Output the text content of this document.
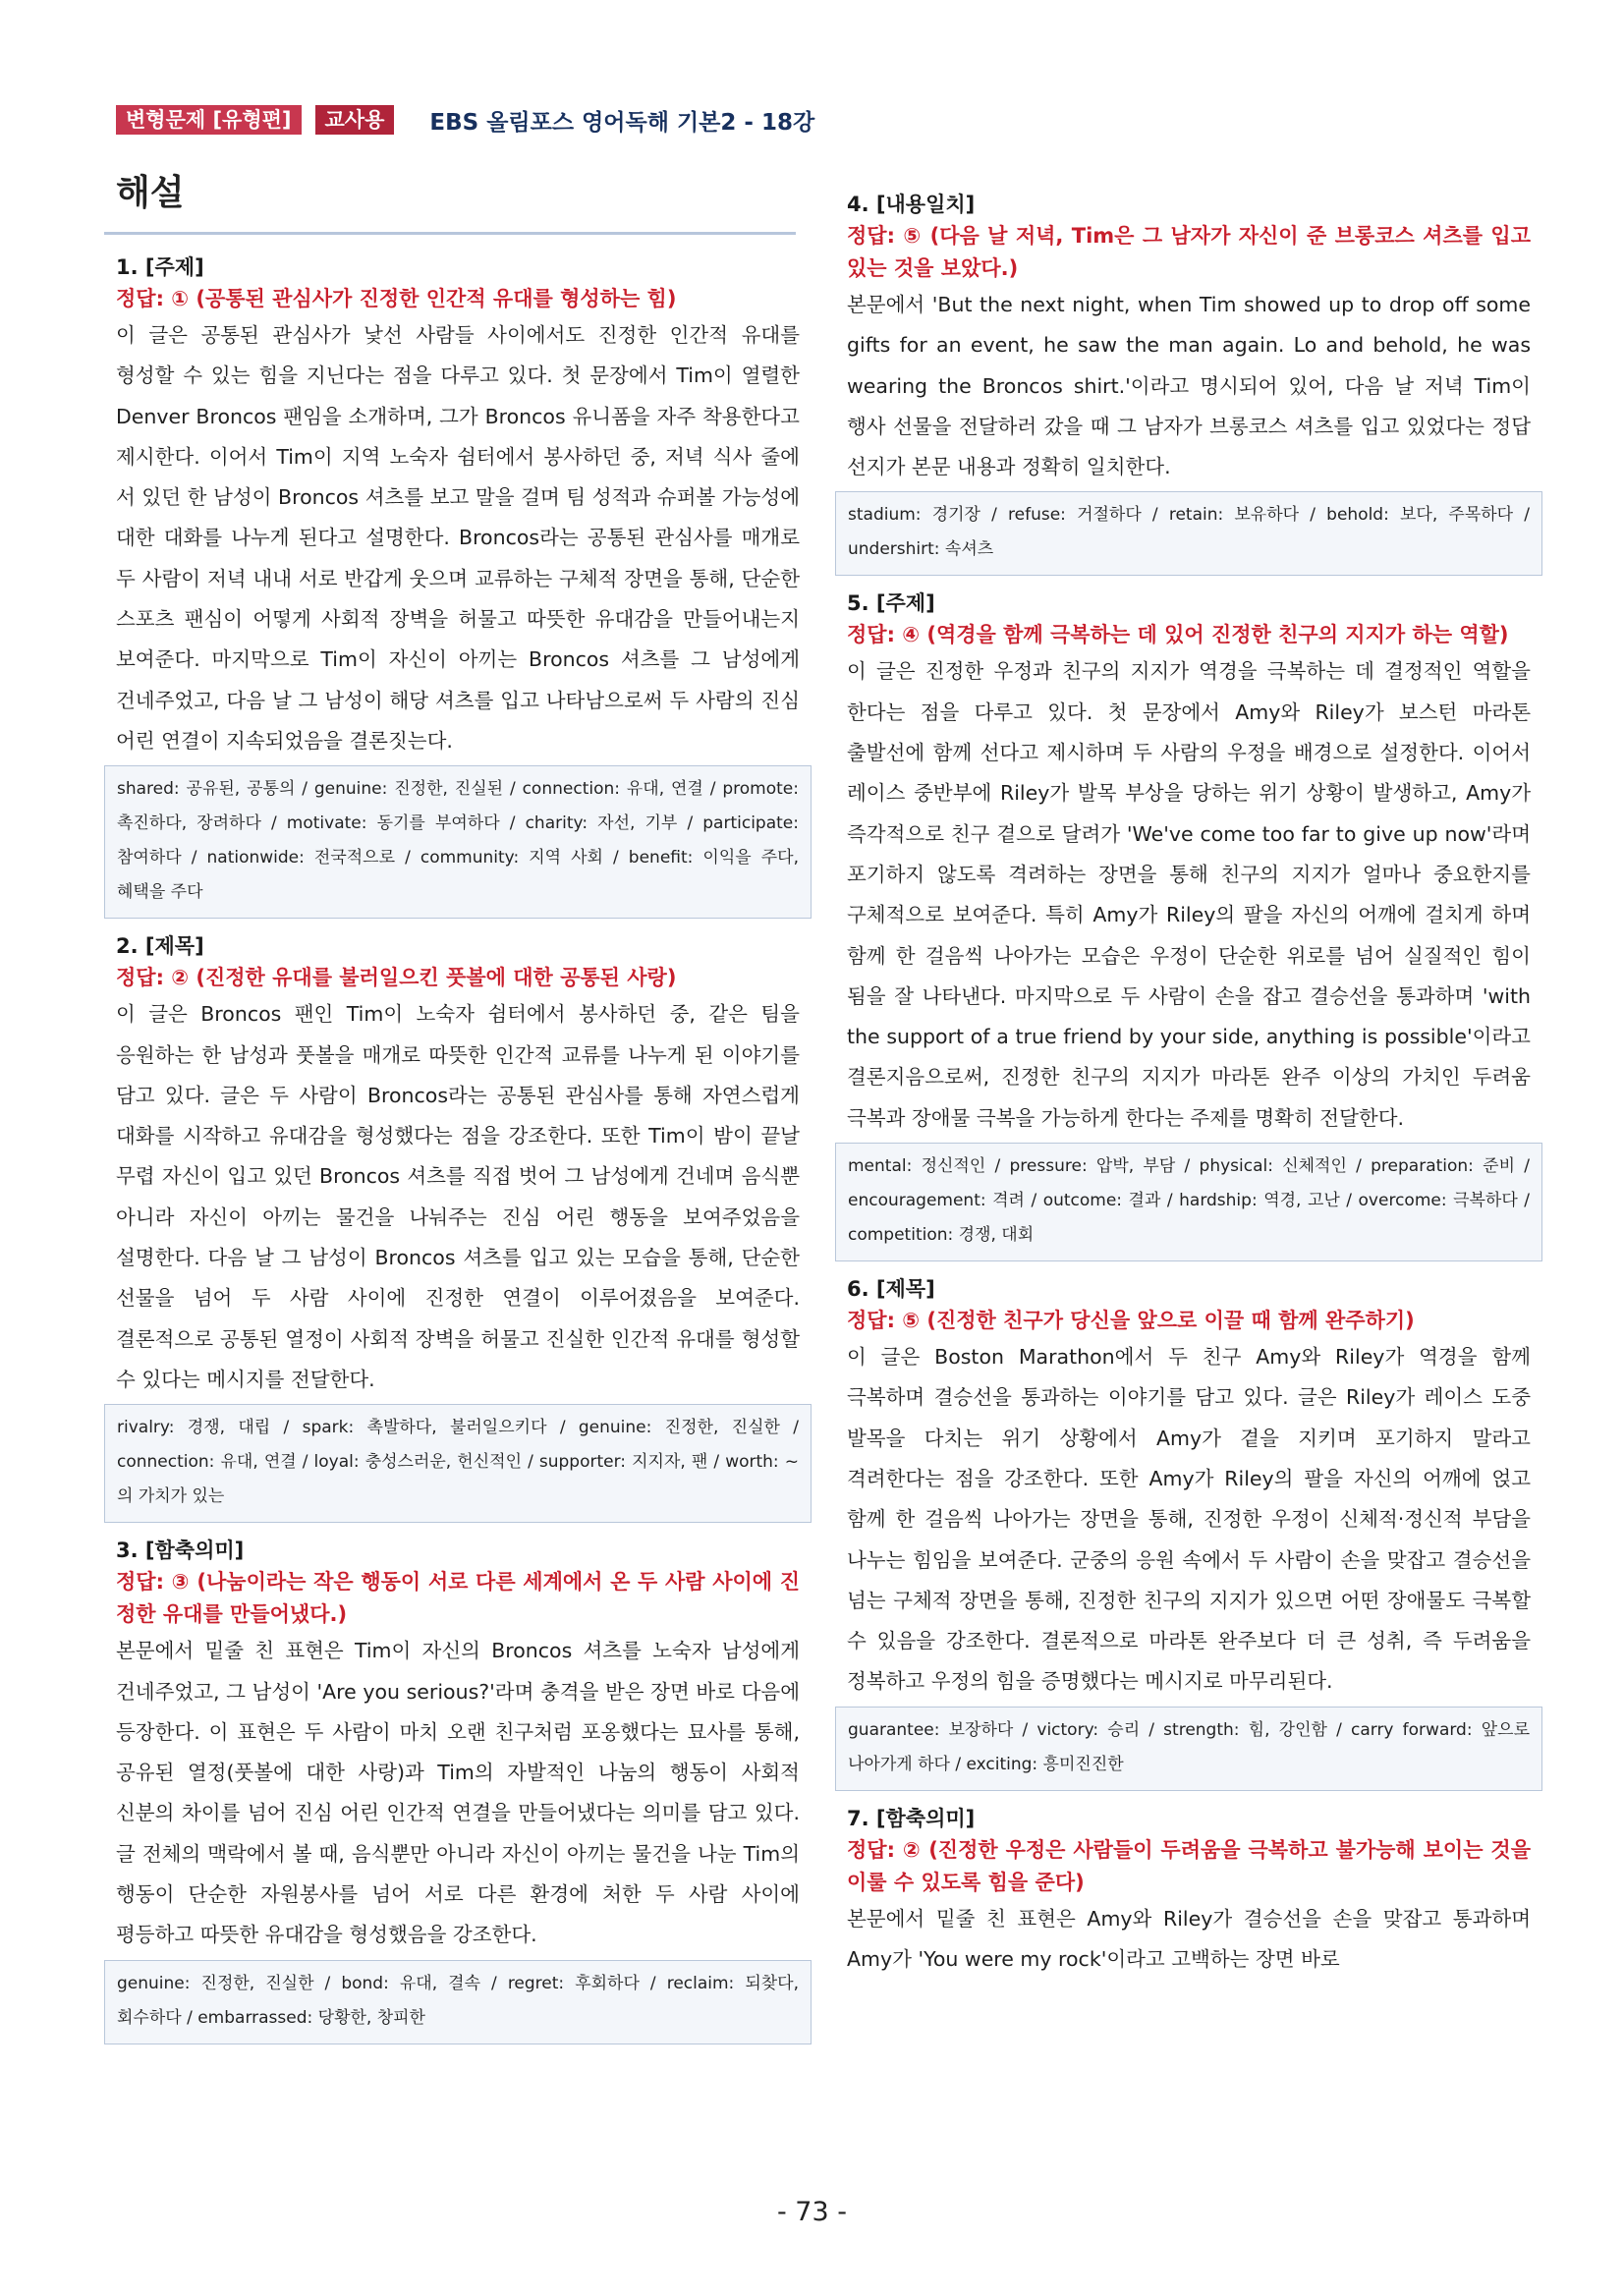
변형문제 [유형편]	교사용	EBS 올림포스 영어독해 기본2 - 18강
해설
1. [주제]
정답: ① (공통된 관심사가 진정한 인간적 유대를 형성하는 힘)
이 글은 공통된 관심사가 낯선 사람들 사이에서도 진정한 인간적 유대를 형성할 수 있는 힘을 지닌다는 점을 다루고 있다. 첫 문장에서 Tim이 열렬한 Denver Broncos 팬임을 소개하며, 그가 Broncos 유니폼을 자주 착용한다고 제시한다. 이어서 Tim이 지역 노숙자 쉼터에서 봉사하던 중, 저녁 식사 줄에 서 있던 한 남성이 Broncos 셔츠를 보고 말을 걸며 팀 성적과 슈퍼볼 가능성에 대한 대화를 나누게 된다고 설명한다. Broncos라는 공통된 관심사를 매개로 두 사람이 저녁 내내 서로 반갑게 웃으며 교류하는 구체적 장면을 통해, 단순한 스포츠 팬심이 어떻게 사회적 장벽을 허물고 따뜻한 유대감을 만들어내는지 보여준다. 마지막으로 Tim이 자신이 아끼는 Broncos 셔츠를 그 남성에게 건네주었고, 다음 날 그 남성이 해당 셔츠를 입고 나타남으로써 두 사람의 진심 어린 연결이 지속되었음을 결론짓는다.
shared: 공유된, 공통의 / genuine: 진정한, 진실된 / connection: 유대, 연결 / promote: 촉진하다, 장려하다 / motivate: 동기를 부여하다 / charity: 자선, 기부 / participate: 참여하다 / nationwide: 전국적으로 / community: 지역 사회 / benefit: 이익을 주다, 혜택을 주다
2. [제목]
정답: ② (진정한 유대를 불러일으킨 풋볼에 대한 공통된 사랑)
이 글은 Broncos 팬인 Tim이 노숙자 쉼터에서 봉사하던 중, 같은 팀을 응원하는 한 남성과 풋볼을 매개로 따뜻한 인간적 교류를 나누게 된 이야기를 담고 있다. 글은 두 사람이 Broncos라는 공통된 관심사를 통해 자연스럽게 대화를 시작하고 유대감을 형성했다는 점을 강조한다. 또한 Tim이 밤이 끝날 무렵 자신이 입고 있던 Broncos 셔츠를 직접 벗어 그 남성에게 건네며 음식뿐 아니라 자신이 아끼는 물건을 나눠주는 진심 어린 행동을 보여주었음을 설명한다. 다음 날 그 남성이 Broncos 셔츠를 입고 있는 모습을 통해, 단순한 선물을 넘어 두 사람 사이에 진정한 연결이 이루어졌음을 보여준다. 결론적으로 공통된 열정이 사회적 장벽을 허물고 진실한 인간적 유대를 형성할 수 있다는 메시지를 전달한다.
rivalry: 경쟁, 대립 / spark: 촉발하다, 불러일으키다 / genuine: 진정한, 진실한 / connection: 유대, 연결 / loyal: 충성스러운, 헌신적인 / supporter: 지지자, 팬 / worth: ~의 가치가 있는
3. [함축의미]
정답: ③ (나눔이라는 작은 행동이 서로 다른 세계에서 온 두 사람 사이에 진정한 유대를 만들어냈다.)
본문에서 밑줄 친 표현은 Tim이 자신의 Broncos 셔츠를 노숙자 남성에게 건네주었고, 그 남성이 'Are you serious?'라며 충격을 받은 장면 바로 다음에 등장한다. 이 표현은 두 사람이 마치 오랜 친구처럼 포옹했다는 묘사를 통해, 공유된 열정(풋볼에 대한 사랑)과 Tim의 자발적인 나눔의 행동이 사회적 신분의 차이를 넘어 진심 어린 인간적 연결을 만들어냈다는 의미를 담고 있다. 글 전체의 맥락에서 볼 때, 음식뿐만 아니라 자신이 아끼는 물건을 나눈 Tim의 행동이 단순한 자원봉사를 넘어 서로 다른 환경에 처한 두 사람 사이에 평등하고 따뜻한 유대감을 형성했음을 강조한다.
genuine: 진정한, 진실한 / bond: 유대, 결속 / regret: 후회하다 / reclaim: 되찾다, 회수하다 / embarrassed: 당황한, 창피한
4. [내용일치]
정답: ⑤ (다음 날 저녁, Tim은 그 남자가 자신이 준 브롱코스 셔츠를 입고 있는 것을 보았다.)
본문에서 'But the next night, when Tim showed up to drop off some gifts for an event, he saw the man again. Lo and behold, he was wearing the Broncos shirt.'이라고 명시되어 있어, 다음 날 저녁 Tim이 행사 선물을 전달하러 갔을 때 그 남자가 브롱코스 셔츠를 입고 있었다는 정답 선지가 본문 내용과 정확히 일치한다.
stadium: 경기장 / refuse: 거절하다 / retain: 보유하다 / behold: 보다, 주목하다 / undershirt: 속셔츠
5. [주제]
정답: ④ (역경을 함께 극복하는 데 있어 진정한 친구의 지지가 하는 역할)
이 글은 진정한 우정과 친구의 지지가 역경을 극복하는 데 결정적인 역할을 한다는 점을 다루고 있다. 첫 문장에서 Amy와 Riley가 보스턴 마라톤 출발선에 함께 선다고 제시하며 두 사람의 우정을 배경으로 설정한다. 이어서 레이스 중반부에 Riley가 발목 부상을 당하는 위기 상황이 발생하고, Amy가 즉각적으로 친구 곁으로 달려가 'We've come too far to give up now'라며 포기하지 않도록 격려하는 장면을 통해 친구의 지지가 얼마나 중요한지를 구체적으로 보여준다. 특히 Amy가 Riley의 팔을 자신의 어깨에 걸치게 하며 함께 한 걸음씩 나아가는 모습은 우정이 단순한 위로를 넘어 실질적인 힘이 됨을 잘 나타낸다. 마지막으로 두 사람이 손을 잡고 결승선을 통과하며 'with the support of a true friend by your side, anything is possible'이라고 결론지음으로써, 진정한 친구의 지지가 마라톤 완주 이상의 가치인 두려움 극복과 장애물 극복을 가능하게 한다는 주제를 명확히 전달한다.
mental: 정신적인 / pressure: 압박, 부담 / physical: 신체적인 / preparation: 준비 / encouragement: 격려 / outcome: 결과 / hardship: 역경, 고난 / overcome: 극복하다 / competition: 경쟁, 대회
6. [제목]
정답: ⑤ (진정한 친구가 당신을 앞으로 이끌 때 함께 완주하기)
이 글은 Boston Marathon에서 두 친구 Amy와 Riley가 역경을 함께 극복하며 결승선을 통과하는 이야기를 담고 있다. 글은 Riley가 레이스 도중 발목을 다치는 위기 상황에서 Amy가 곁을 지키며 포기하지 말라고 격려한다는 점을 강조한다. 또한 Amy가 Riley의 팔을 자신의 어깨에 얹고 함께 한 걸음씩 나아가는 장면을 통해, 진정한 우정이 신체적·정신적 부담을 나누는 힘임을 보여준다. 군중의 응원 속에서 두 사람이 손을 맞잡고 결승선을 넘는 구체적 장면을 통해, 진정한 친구의 지지가 있으면 어떤 장애물도 극복할 수 있음을 강조한다. 결론적으로 마라톤 완주보다 더 큰 성취, 즉 두려움을 정복하고 우정의 힘을 증명했다는 메시지로 마무리된다.
guarantee: 보장하다 / victory: 승리 / strength: 힘, 강인함 / carry forward: 앞으로 나아가게 하다 / exciting: 흥미진진한
7. [함축의미]
정답: ② (진정한 우정은 사람들이 두려움을 극복하고 불가능해 보이는 것을 이룰 수 있도록 힘을 준다)
본문에서 밑줄 친 표현은 Amy와 Riley가 결승선을 손을 맞잡고 통과하며 Amy가 'You were my rock'이라고 고백하는 장면 바로
- 73 -
